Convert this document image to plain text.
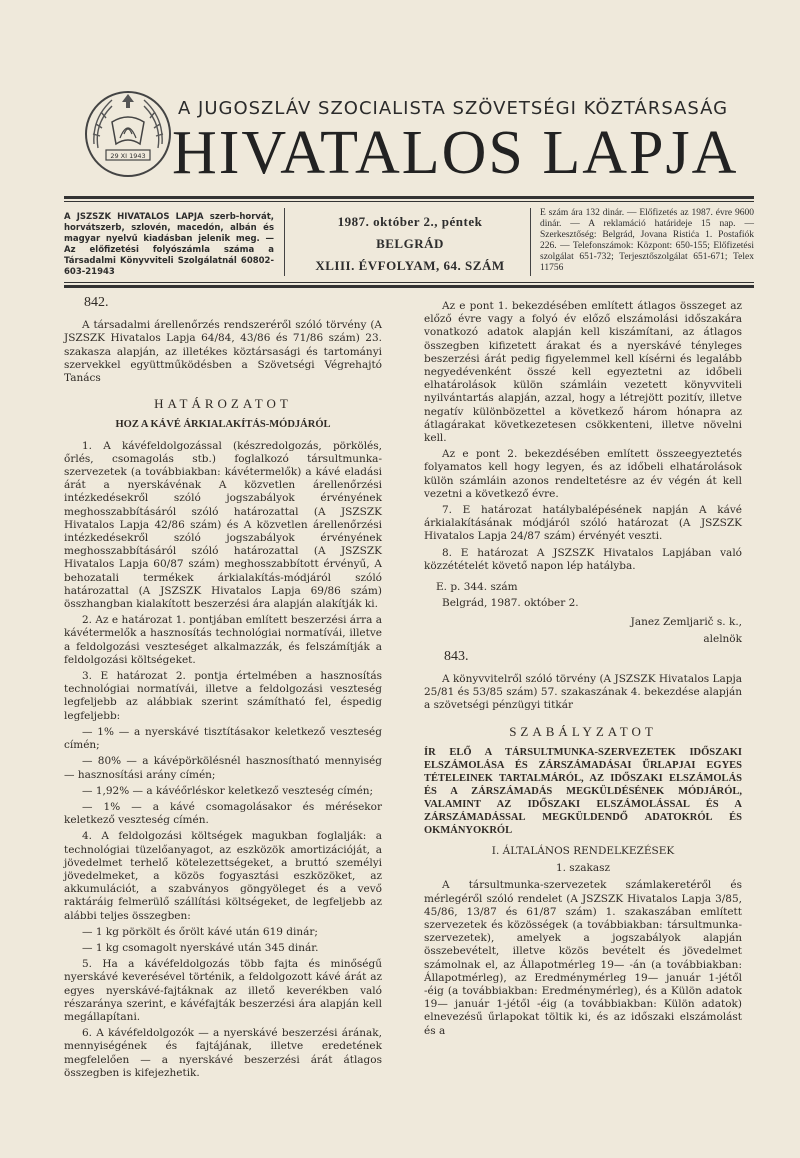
29 XI 1943
A JUGOSZLÁV SZOCIALISTA SZÖVETSÉGI KÖZTÁRSASÁG
HIVATALOS LAPJA
A JSZSZK HIVATALOS LAPJA szerb-horvát, horvátszerb, szlovén, macedón, albán és magyar nyelvű kiadásban jelenik meg. — Az előfizetési folyószámla száma a Társadalmi Könyvviteli Szolgálatnál 60802-603-21943
1987. október 2., péntek
BELGRÁD
XLIII. ÉVFOLYAM, 64. SZÁM
E szám ára 132 dinár. — Előfizetés az 1987. évre 9600 dinár. — A reklamáció határideje 15 nap. — Szerkesztőség: Belgrád, Jovana Ristića 1. Postafiók 226. — Telefonszámok: Központ: 650-155; Előfizetési szolgálat 651-732; Terjesztőszolgálat 651-671; Telex 11756

842.

A társadalmi árellenőrzés rendszeréről szóló törvény (A JSZSZK Hivatalos Lapja 64/84, 43/86 és 71/86 szám) 23. szakasza alapján, az illetékes köztársasági és tartományi szervekkel együttműködésben a Szövetségi Végrehajtó Tanács

HATÁROZATOT

HOZ A KÁVÉ ÁRKIALAKÍTÁS-MÓDJÁRÓL

1. A kávéfeldolgozással (készredolgozás, pörkölés, őrlés, csomagolás stb.) foglalkozó társultmunka-szervezetek (a továbbiakban: kávétermelők) a kávé eladási árát a nyerskávénak A közvetlen árellenőrzési intézkedésekről szóló jogszabályok érvényének meghosszabbításáról szóló határozattal (A JSZSZK Hivatalos Lapja 42/86 szám) és A közvetlen árellenőrzési intézkedésekről szóló jogszabályok érvényének meghosszabbításáról szóló határozattal (A JSZSZK Hivatalos Lapja 60/87 szám) meghosszabbított érvényű, A behozatali termékek árkialakítás-módjáról szóló határozattal (A JSZSZK Hivatalos Lapja 69/86 szám) összhangban kialakított beszerzési ára alapján alakítják ki.

2. Az e határozat 1. pontjában említett beszerzési árra a kávétermelők a hasznosítás technológiai normatívái, illetve a feldolgozási veszteséget alkalmazzák, és felszámítják a feldolgozási költségeket.

3. E határozat 2. pontja értelmében a hasznosítás technológiai normatívái, illetve a feldolgozási veszteség legfeljebb az alábbiak szerint számítható fel, éspedig legfeljebb:

— 1% — a nyerskávé tisztításakor keletkező veszteség címén;

— 80% — a kávépörkölésnél hasznosítható mennyiség — hasznosítási arány címén;

— 1,92% — a kávéőrléskor keletkező veszteség címén;

— 1% — a kávé csomagolásakor és mérésekor keletkező veszteség címén.

4. A feldolgozási költségek magukban foglalják: a technológiai tüzelőanyagot, az eszközök amortizációját, a jövedelmet terhelő kötelezettségeket, a bruttó személyi jövedelmeket, a közös fogyasztási eszközöket, az akkumulációt, a szabványos göngyöleget és a vevő raktáráig felmerülő szállítási költségeket, de legfeljebb az alábbi teljes összegben:

— 1 kg pörkölt és őrölt kávé után 619 dinár;

— 1 kg csomagolt nyerskávé után 345 dinár.

5. Ha a kávéfeldolgozás több fajta és minőségű nyerskávé keverésével történik, a feldolgozott kávé árát az egyes nyerskávé-fajtáknak az illető keverékben való részaránya szerint, e kávéfajták beszerzési ára alapján kell megállapítani.

6. A kávéfeldolgozók — a nyerskávé beszerzési árának, mennyiségének és fajtájának, illetve eredetének megfelelően — a nyerskávé beszerzési árát átlagos összegben is kifejezhetik.

Az e pont 1. bekezdésében említett átlagos összeget az előző évre vagy a folyó év előző elszámolási időszakára vonatkozó adatok alapján kell kiszámítani, az átlagos összegben kifizetett árakat és a nyerskávé tényleges beszerzési árát pedig figyelemmel kell kísérni és legalább negyedévenként összé kell egyeztetni az időbeli elhatárolások külön számláin vezetett könyvviteli nyilvántartás alapján, azzal, hogy a létrejött pozitív, illetve negatív különbözettel a következő három hónapra az átlagárakat következetesen csökkenteni, illetve növelni kell.

Az e pont 2. bekezdésében említett összeegyeztetés folyamatos kell hogy legyen, és az időbeli elhatárolások külön számláin azonos rendeltetésre az év végén át kell vezetni a következő évre.

7. E határozat hatálybalépésének napján A kávé árkialakításának módjáról szóló határozat (A JSZSZK Hivatalos Lapja 24/87 szám) érvényét veszti.

8. E határozat A JSZSZK Hivatalos Lapjában való közzétételét követő napon lép hatályba.

E. p. 344. szám

Belgrád, 1987. október 2.

Janez Zemljarič s. k.,

alelnök

843.

A könyvvitelről szóló törvény (A JSZSZK Hivatalos Lapja 25/81 és 53/85 szám) 57. szakaszának 4. bekezdése alapján a szövetségi pénzügyi titkár

SZABÁLYZATOT

ÍR ELŐ A TÁRSULTMUNKA-SZERVEZETEK IDŐSZAKI ELSZÁMOLÁSA ÉS ZÁRSZÁMADÁSAI ŰRLAPJAI EGYES TÉTELEINEK TARTALMÁRÓL, AZ IDŐSZAKI ELSZÁMOLÁS ÉS A ZÁRSZÁMADÁS MEGKÜLDÉSÉNEK MÓDJÁRÓL, VALAMINT AZ IDŐSZAKI ELSZÁMOLÁSSAL ÉS A ZÁRSZÁMADÁSSAL MEGKÜLDENDŐ ADATOKRÓL ÉS OKMÁNYOKRÓL

I. ÁLTALÁNOS RENDELKEZÉSEK

1. szakasz

A társultmunka-szervezetek számlakeretéről és mérlegéről szóló rendelet (A JSZSZK Hivatalos Lapja 3/85, 45/86, 13/87 és 61/87 szám) 1. szakaszában említett szervezetek és közösségek (a továbbiakban: társultmunka-szervezetek), amelyek a jogszabályok alapján összebevételt, illetve közös bevételt és jövedelmet számolnak el, az Állapotmérleg 19— -án (a továbbiakban: Állapotmérleg), az Eredménymérleg 19— január 1-jétől -éig (a továbbiakban: Eredménymérleg), és a Külön adatok 19— január 1-jétől -éig (a továbbiakban: Külön adatok) elnevezésű űrlapokat töltik ki, és az időszaki elszámolást és a
